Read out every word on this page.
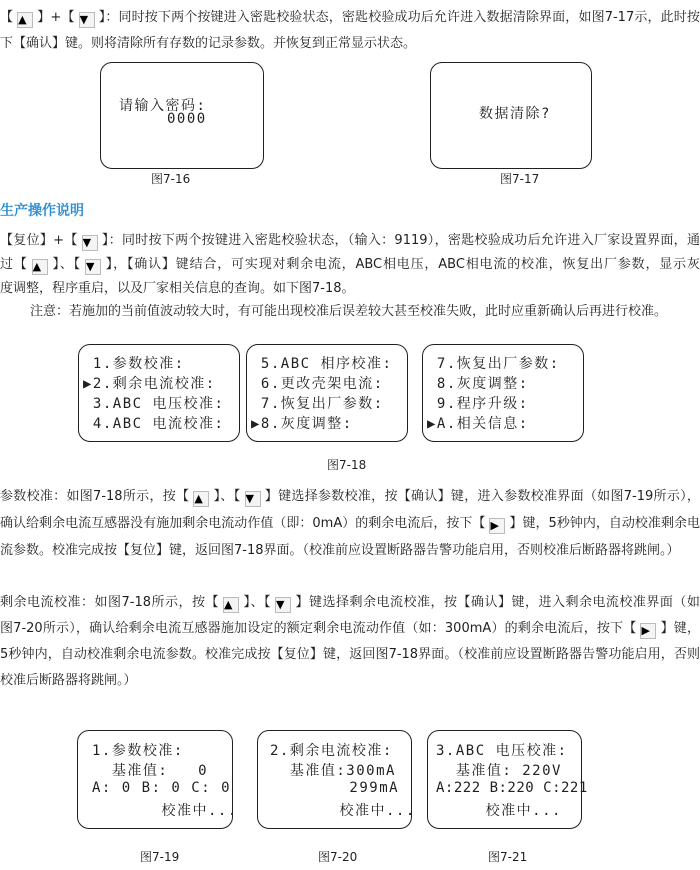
【 ▲ 】+【 ▼ 】：同时按下两个按键进入密匙校验状态，密匙校验成功后允许进入数据清除界面，如图7-17示，此时按
下【确认】键。则将清除所有存数的记录参数。并恢复到正常显示状态。
请输入密码:
0000
图7-16
数据清除?
图7-17
生产操作说明
【复位】+【 ▼ 】：同时按下两个按键进入密匙校验状态，（输入：9119），密匙校验成功后允许进入厂家设置界面，通
过【 ▲ 】、【 ▼ 】，【确认】键结合，可实现对剩余电流，ABC相电压，ABC相电流的校准，恢复出厂参数，显示灰
度调整，程序重启，以及厂家相关信息的查询。如下图7-18。
注意：若施加的当前值波动较大时，有可能出现校准后误差较大甚至校准失败，此时应重新确认后再进行校准。
1.参数校准:
▶2.剩余电流校准:
3.ABC 电压校准:
4.ABC 电流校准:
5.ABC 相序校准:
6.更改壳架电流:
7.恢复出厂参数:
▶8.灰度调整:
7.恢复出厂参数:
8.灰度调整:
9.程序升级:
▶A.相关信息:
图7-18
参数校准：如图7-18所示，按【 ▲ 】、【 ▼ 】键选择参数校准，按【确认】键，进入参数校准界面（如图7-19所示），
确认给剩余电流互感器没有施加剩余电流动作值（即：0mA）的剩余电流后，按下【 ▶ 】键，5秒钟内，自动校准剩余电
流参数。校准完成按【复位】键，返回图7-18界面。（校准前应设置断路器告警功能启用，否则校准后断路器将跳闸。）
剩余电流校准：如图7-18所示，按【 ▲ 】、【 ▼ 】键选择剩余电流校准，按【确认】键，进入剩余电流校准界面（如
图7-20所示），确认给剩余电流互感器施加设定的额定剩余电流动作值（如：300mA）的剩余电流后，按下【 ▶ 】键，
5秒钟内，自动校准剩余电流参数。校准完成按【复位】键，返回图7-18界面。（校准前应设置断路器告警功能启用，否则
校准后断路器将跳闸。）
1.参数校准:
基准值:   0
A: 0 B: 0 C: 0
校准中...
图7-19
2.剩余电流校准:
基准值:300mA
299mA
校准中...
图7-20
3.ABC 电压校准:
基准值: 220V
A:222 B:220 C:221
校准中...
图7-21
